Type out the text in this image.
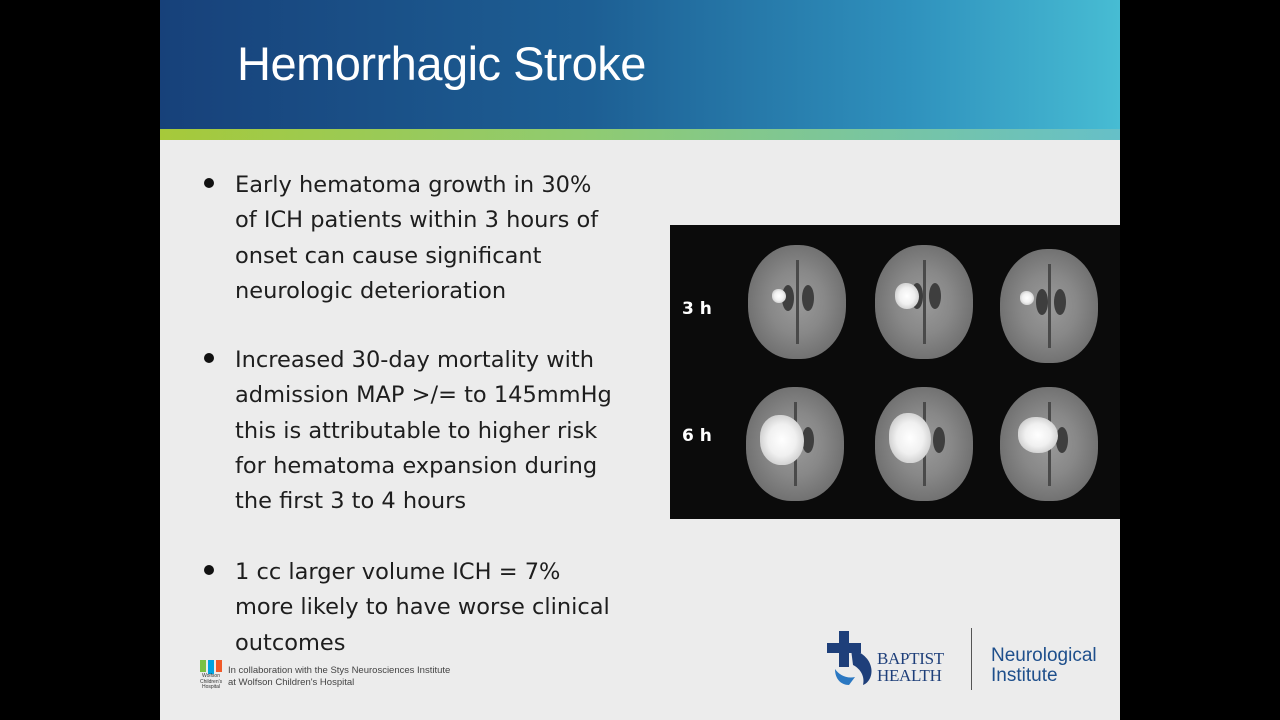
Hemorrhagic Stroke
Early hematoma growth in 30%
of ICH patients within 3 hours of
onset can cause significant
neurologic deterioration
Increased 30-day mortality with
admission MAP >/= to 145mmHg
this is attributable to higher risk
for hematoma expansion during
the first 3 to 4 hours
1 cc larger volume ICH = 7%
more likely to have worse clinical
outcomes
3 h
6 h
Wolfson Children's Hospital
In collaboration with the Stys Neurosciences Institute
at Wolfson Children's Hospital
BAPTIST
HEALTH
Neurological
Institute
